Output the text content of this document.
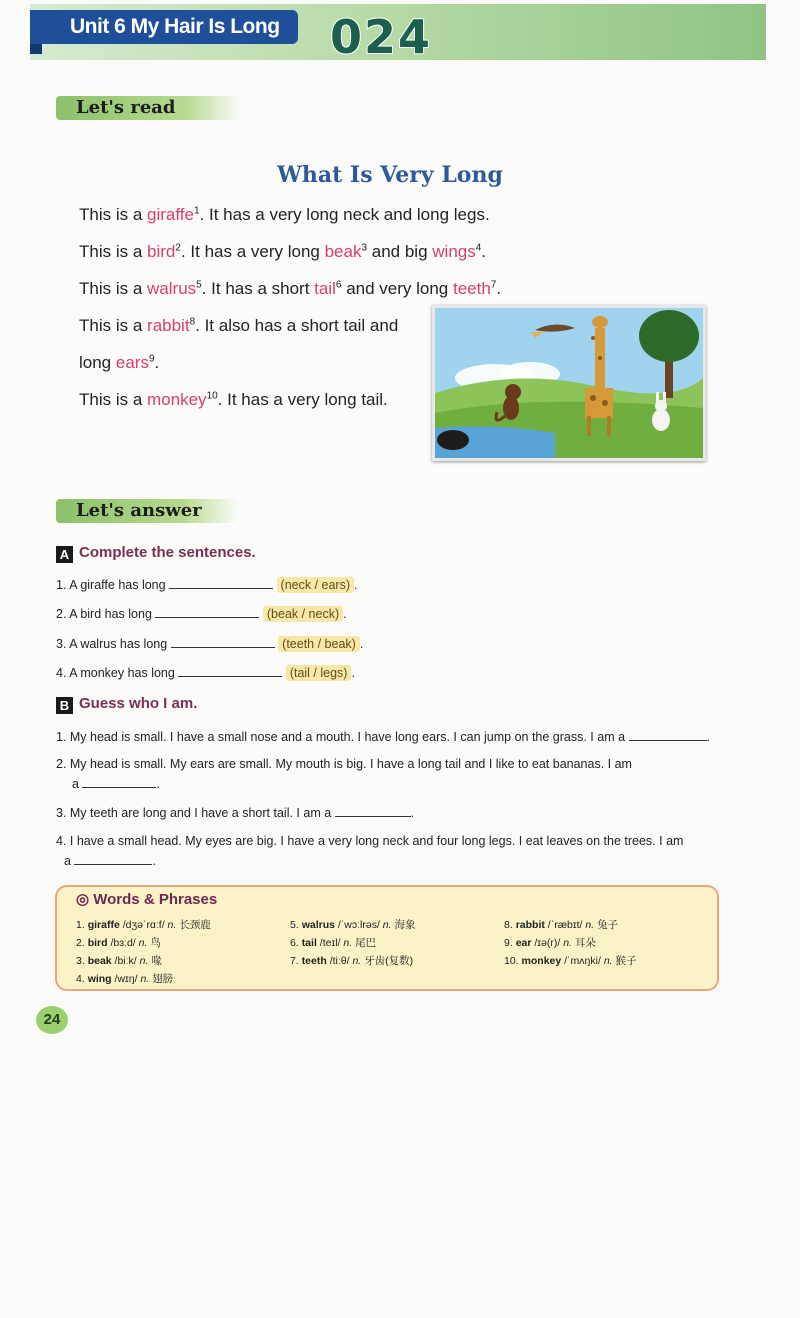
Unit 6 My Hair Is Long	024
Let's read
What Is Very Long
This is a giraffe$^1$. It has a very long neck and long legs.
This is a bird$^2$. It has a very long beak$^3$ and big wings$^4$.
This is a walrus$^5$. It has a short tail$^6$ and very long teeth$^7$.
This is a rabbit$^8$. It also has a short tail and
long ears$^9$.
This is a monkey$^{10}$. It has a very long tail.
Let's answer
A Complete the sentences.
1. A giraffe has long	(neck / ears) .
2. A bird has long	(beak / neck) .
3. A walrus has long	(teeth / beak) .
4. A monkey has long	(tail / legs) .
B Guess who I am.
1. My head is small. I have a small nose and a mouth. I have long ears. I can jump on the grass. I am a	.
2. My head is small. My ears are small. My mouth is big. I have a long tail and I like to eat bananas. I am
a	.
3. My teeth are long and I have a short tail. I am a	.
4. I have a small head. My eyes are big. I have a very long neck and four long legs. I eat leaves on the trees. I am
a	.
◎ Words & Phrases
1. giraffe /dʒəˈrɑːf/ n. 长颈鹿
2. bird /bɜːd/ n. 鸟
3. beak /biːk/ n. 喙
4. wing /wɪŋ/ n. 翅膀
5. walrus /ˈwɔːlrəs/ n. 海象
6. tail /teɪl/ n. 尾巴
7. teeth /tiːθ/ n. 牙齿(复数)
8. rabbit /ˈræbɪt/ n. 兔子
9. ear /ɪə(r)/ n. 耳朵
10. monkey /ˈmʌŋki/ n. 猴子
24
